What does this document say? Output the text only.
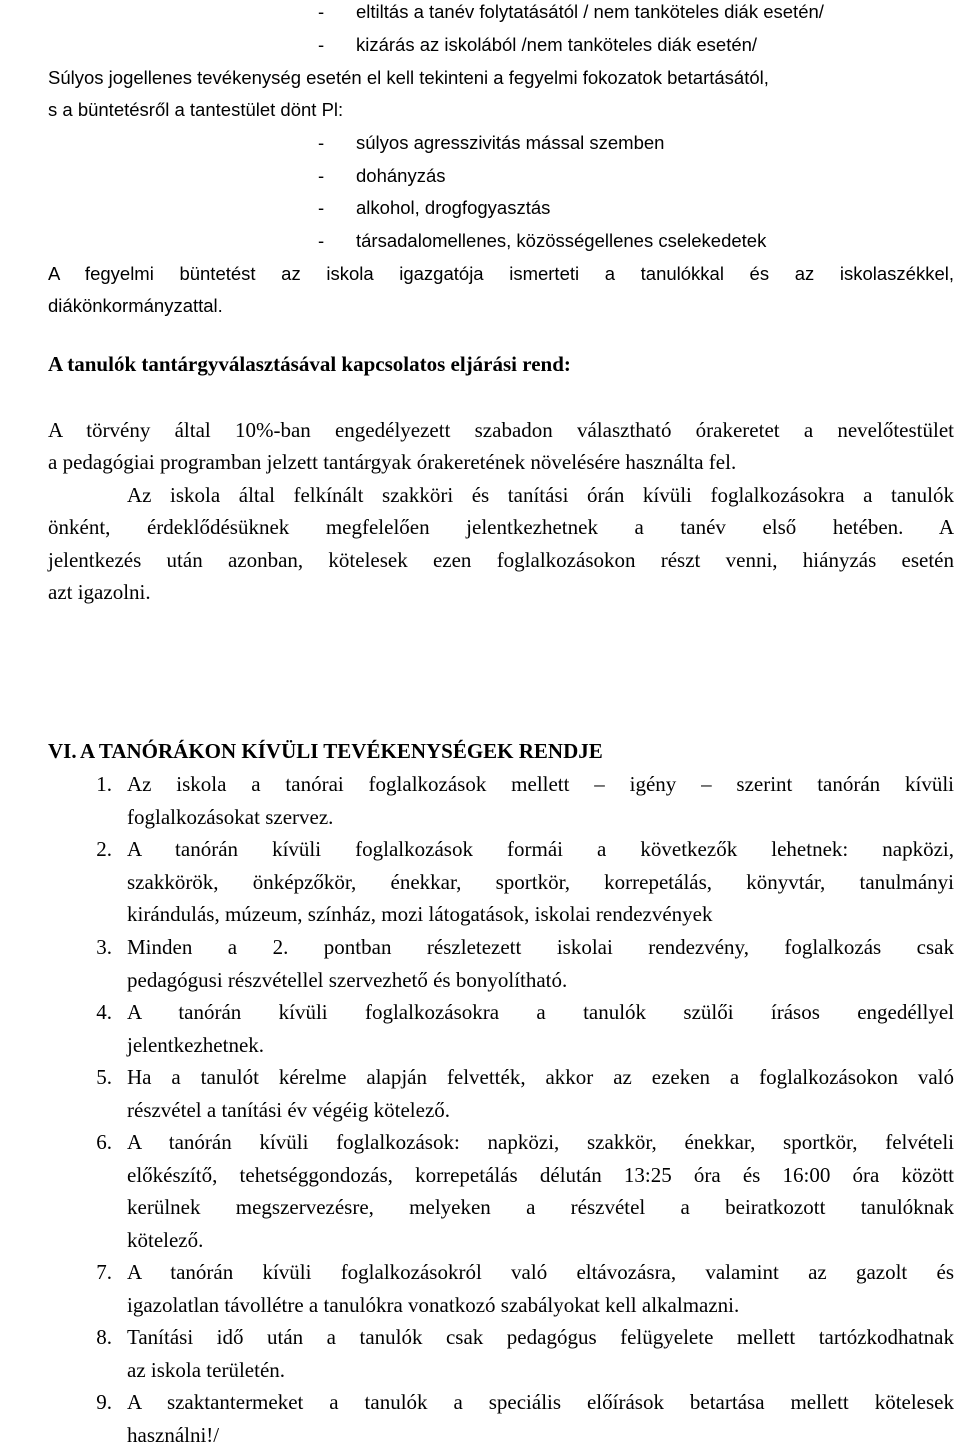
- eltiltás a tanév folytatásától / nem tanköteles diák esetén/
- kizárás az iskolából /nem tanköteles diák esetén/
Súlyos jogellenes tevékenység esetén el kell tekinteni a fegyelmi fokozatok betartásától,
s a büntetésről a tantestület dönt Pl:
- súlyos agresszivitás mással szemben
- dohányzás
- alkohol, drogfogyasztás
- társadalomellenes, közösségellenes cselekedetek
A fegyelmi büntetést az iskola igazgatója ismerteti a tanulókkal és az iskolaszékkel,
diákönkormányzattal.
A tanulók tantárgyválasztásával kapcsolatos eljárási rend:
A törvény által 10%-ban engedélyezett szabadon választható órakeretet a nevelőtestület
a pedagógiai programban jelzett tantárgyak órakeretének növelésére használta fel.
Az iskola által felkínált szakköri és tanítási órán kívüli foglalkozásokra a tanulók
önként, érdeklődésüknek megfelelően jelentkezhetnek a tanév első hetében. A
jelentkezés után azonban, kötelesek ezen foglalkozásokon részt venni, hiányzás esetén
azt igazolni.
VI. A TANÓRÁKON KÍVÜLI TEVÉKENYSÉGEK RENDJE
1. Az iskola a tanórai foglalkozások mellett – igény – szerint tanórán kívüli
foglalkozásokat szervez.
2. A tanórán kívüli foglalkozások formái a következők lehetnek: napközi,
szakkörök, önképzőkör, énekkar, sportkör, korrepetálás, könyvtár, tanulmányi
kirándulás, múzeum, színház, mozi látogatások, iskolai rendezvények
3. Minden a 2. pontban részletezett iskolai rendezvény, foglalkozás csak
pedagógusi részvétellel szervezhető és bonyolítható.
4. A tanórán kívüli foglalkozásokra a tanulók szülői írásos engedéllyel
jelentkezhetnek.
5. Ha a tanulót kérelme alapján felvették, akkor az ezeken a foglalkozásokon való
részvétel a tanítási év végéig kötelező.
6. A tanórán kívüli foglalkozások: napközi, szakkör, énekkar, sportkör, felvételi
előkészítő, tehetséggondozás, korrepetálás délután 13:25 óra és 16:00 óra között
kerülnek megszervezésre, melyeken a részvétel a beiratkozott tanulóknak
kötelező.
7. A tanórán kívüli foglalkozásokról való eltávozásra, valamint az gazolt és
igazolatlan távollétre a tanulókra vonatkozó szabályokat kell alkalmazni.
8. Tanítási idő után a tanulók csak pedagógus felügyelete mellett tartózkodhatnak
az iskola területén.
9. A szaktantermeket a tanulók a speciális előírások betartása mellett kötelesek
használni!/
